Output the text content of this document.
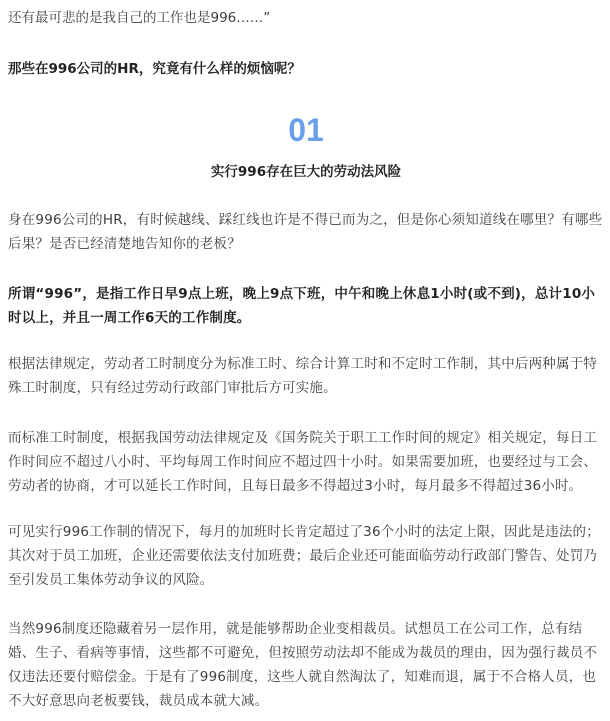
还有最可悲的是我自己的工作也是996……”
那些在996公司的HR，究竟有什么样的烦恼呢？
01
实行996存在巨大的劳动法风险

身在996公司的HR，有时候越线、踩红线也许是不得已而为之，但是你心须知道线在哪里？有哪些后果？是否已经清楚地告知你的老板？

所谓“996”，是指工作日早9点上班，晚上9点下班，中午和晚上休息1小时(或不到)，总计10小时以上，并且一周工作6天的工作制度。

根据法律规定，劳动者工时制度分为标准工时、综合计算工时和不定时工作制，其中后两种属于特殊工时制度，只有经过劳动行政部门审批后方可实施。

而标准工时制度，根据我国劳动法律规定及《国务院关于职工工作时间的规定》相关规定，每日工作时间应不超过八小时、平均每周工作时间应不超过四十小时。如果需要加班，也要经过与工会、劳动者的协商，才可以延长工作时间，且每日最多不得超过3小时，每月最多不得超过36小时。

可见实行996工作制的情况下，每月的加班时长肯定超过了36个小时的法定上限，因此是违法的；其次对于员工加班，企业还需要依法支付加班费；最后企业还可能面临劳动行政部门警告、处罚乃至引发员工集体劳动争议的风险。

当然996制度还隐藏着另一层作用，就是能够帮助企业变相裁员。试想员工在公司工作，总有结婚、生子、看病等事情，这些都不可避免，但按照劳动法却不能成为裁员的理由，因为强行裁员不仅违法还要付赔偿金。于是有了996制度，这些人就自然淘汰了，知难而退，属于不合格人员，也不大好意思向老板要钱，裁员成本就大减。
